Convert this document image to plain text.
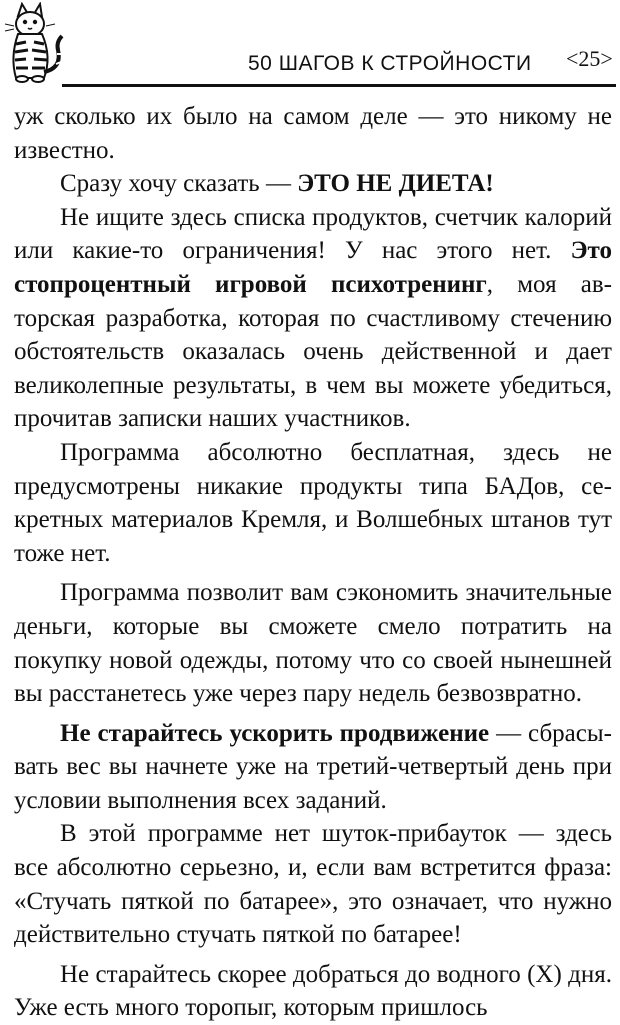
50 ШАГОВ К СТРОЙНОСТИ <25>

уж сколько их было на самом деле — это никому не известно.

Сразу хочу сказать — ЭТО НЕ ДИЕТА!

Не ищите здесь списка продуктов, счетчик калорий или какие-то ограничения! У нас этого нет. Это стопроцентный игровой психотренинг, моя авторская разработка, которая по счастливому стечению обстоятельств оказалась очень действенной и дает великолепные результаты, в чем вы можете убедиться, прочитав записки наших участников.

Программа абсолютно бесплатная, здесь не предусмотрены никакие продукты типа БАДов, секретных материалов Кремля, и Волшебных штанов тут тоже нет.

Программа позволит вам сэкономить значительные деньги, которые вы сможете смело потратить на покупку новой одежды, потому что со своей нынешней вы расстанетесь уже через пару недель безвозвратно.

Не старайтесь ускорить продвижение — сбрасывать вес вы начнете уже на третий-четвертый день при условии выполнения всех заданий.

В этой программе нет шуток-прибауток — здесь все абсолютно серьезно, и, если вам встретится фраза: «Стучать пяткой по батарее», это означает, что нужно действительно стучать пяткой по батарее!

Не старайтесь скорее добраться до водного (Х) дня. Уже есть много торопыг, которым пришлось
